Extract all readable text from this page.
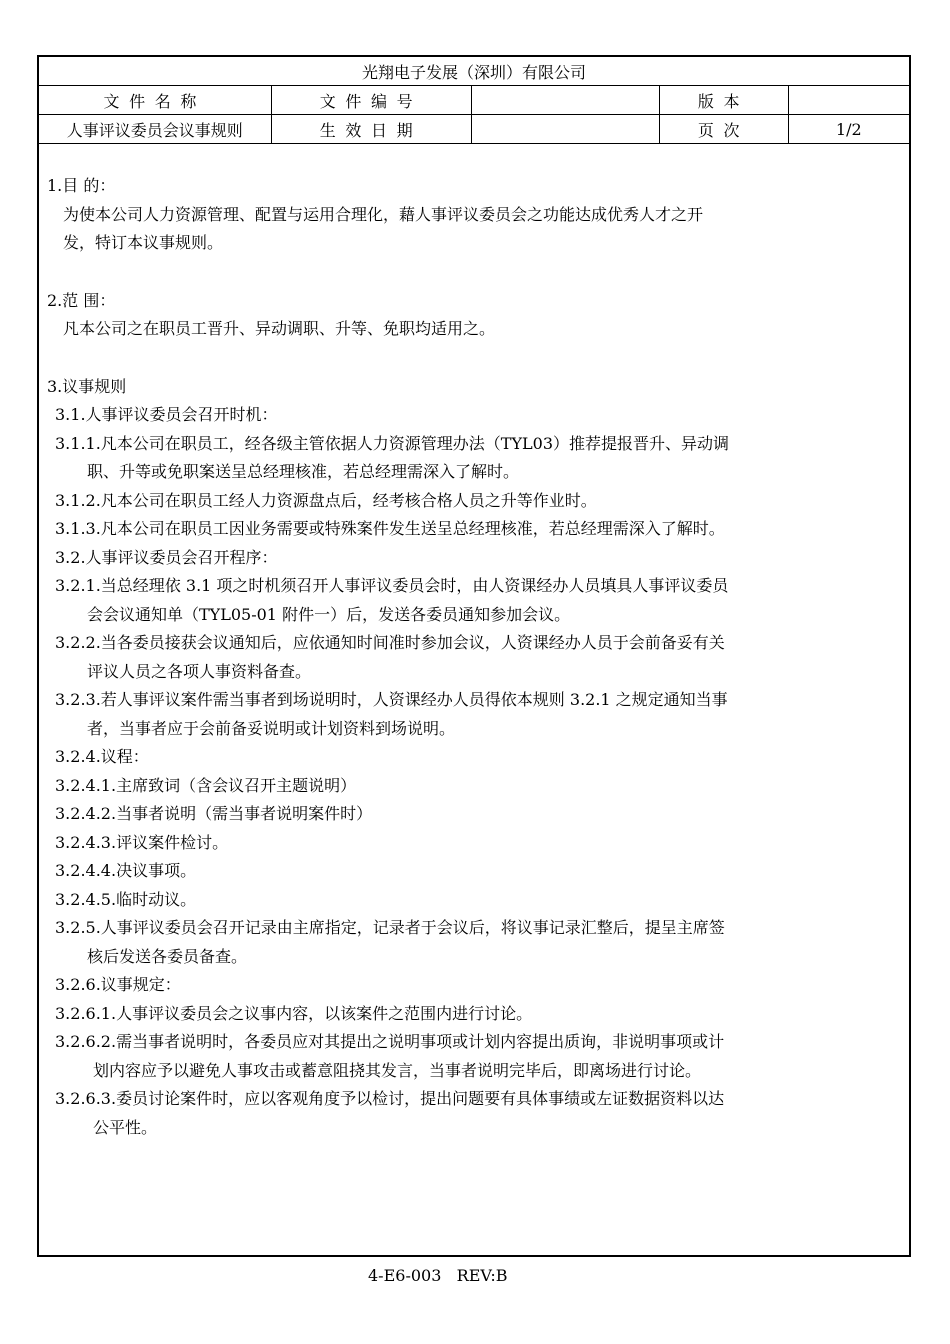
光翔电子发展（深圳）有限公司				
文件名称	文件编号		版本	
人事评议委员会议事规则	生效日期		页次	1/2
1.目 的：
为使本公司人力资源管理、配置与运用合理化，藉人事评议委员会之功能达成优秀人才之开
发，特订本议事规则。
2.范 围：
凡本公司之在职员工晋升、异动调职、升等、免职均适用之。
3.议事规则
3.1.人事评议委员会召开时机：
3.1.1.凡本公司在职员工，经各级主管依据人力资源管理办法（TYL03）推荐提报晋升、异动调
职、升等或免职案送呈总经理核准，若总经理需深入了解时。
3.1.2.凡本公司在职员工经人力资源盘点后，经考核合格人员之升等作业时。
3.1.3.凡本公司在职员工因业务需要或特殊案件发生送呈总经理核准，若总经理需深入了解时。
3.2.人事评议委员会召开程序：
3.2.1.当总经理依 3.1 项之时机须召开人事评议委员会时，由人资课经办人员填具人事评议委员
会会议通知单（TYL05-01 附件一）后，发送各委员通知参加会议。
3.2.2.当各委员接获会议通知后，应依通知时间准时参加会议，人资课经办人员于会前备妥有关
评议人员之各项人事资料备查。
3.2.3.若人事评议案件需当事者到场说明时，人资课经办人员得依本规则 3.2.1 之规定通知当事
者，当事者应于会前备妥说明或计划资料到场说明。
3.2.4.议程：
3.2.4.1.主席致词（含会议召开主题说明）
3.2.4.2.当事者说明（需当事者说明案件时）
3.2.4.3.评议案件检讨。
3.2.4.4.决议事项。
3.2.4.5.临时动议。
3.2.5.人事评议委员会召开记录由主席指定，记录者于会议后，将议事记录汇整后，提呈主席签
核后发送各委员备查。
3.2.6.议事规定：
3.2.6.1.人事评议委员会之议事内容，以该案件之范围内进行讨论。
3.2.6.2.需当事者说明时，各委员应对其提出之说明事项或计划内容提出质询，非说明事项或计
划内容应予以避免人事攻击或蓄意阻挠其发言，当事者说明完毕后，即离场进行讨论。
3.2.6.3.委员讨论案件时，应以客观角度予以检讨，提出问题要有具体事绩或左证数据资料以达
公平性。
4-E6-003   REV:B
